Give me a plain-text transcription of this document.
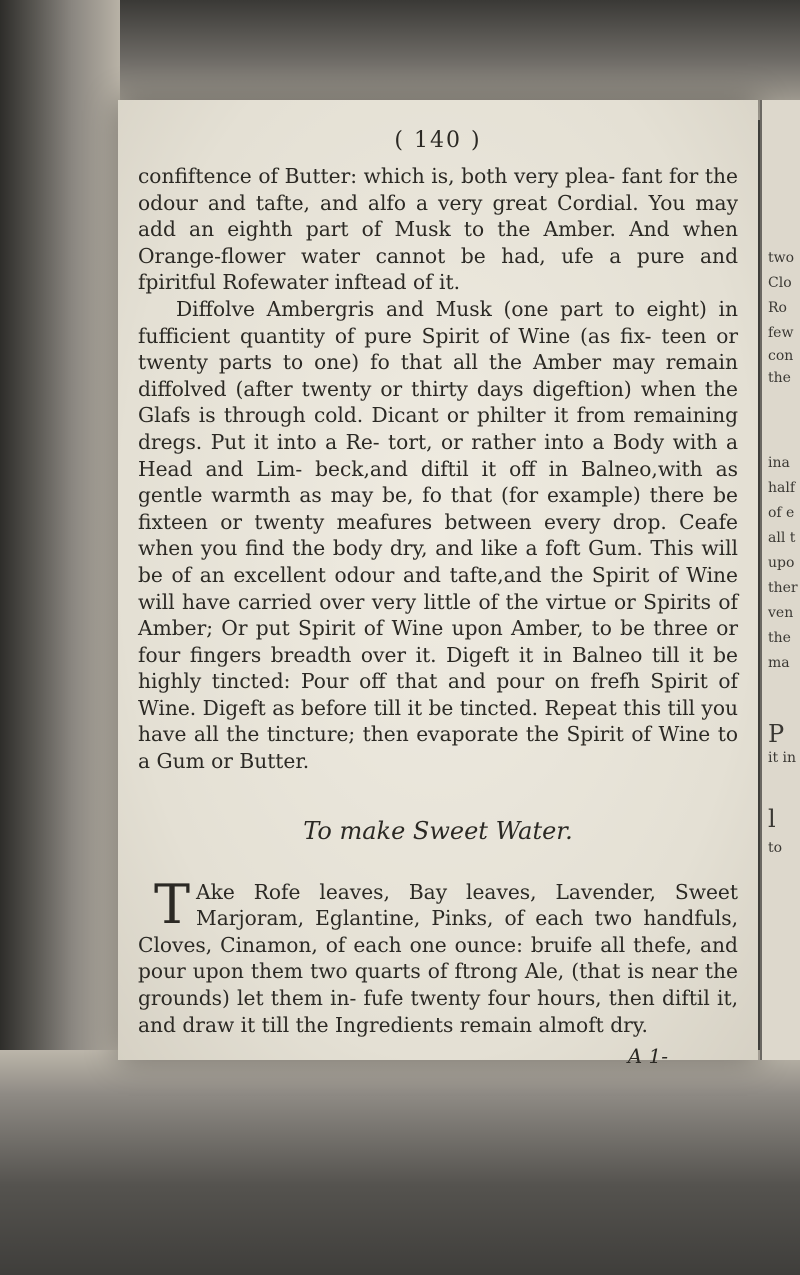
two
Clo
Ro
few
con
the
ina
half
of e
all t
upo
ther
ven
the
ma
P
it in
l
to
( 140 )

confiftence of Butter: which is, both very plea- fant for the odour and tafte, and alfo a very great Cordial. You may add an eighth part of Musk to the Amber. And when Orange-flower water cannot be had, ufe a pure and fpiritful Rofewater inftead of it.

Diffolve Ambergris and Musk (one part to eight) in fufficient quantity of pure Spirit of Wine (as fix- teen or twenty parts to one) fo that all the Amber may remain diffolved (after twenty or thirty days digeftion) when the Glafs is through cold. Dicant or philter it from remaining dregs. Put it into a Re- tort, or rather into a Body with a Head and Lim- beck,and diftil it off in Balneo,with as gentle warmth as may be, fo that (for example) there be fixteen or twenty meafures between every drop. Ceafe when you find the body dry, and like a foft Gum. This will be of an excellent odour and tafte,and the Spirit of Wine will have carried over very little of the virtue or Spirits of Amber; Or put Spirit of Wine upon Amber, to be three or four fingers breadth over it. Digeft it in Balneo till it be highly tincted: Pour off that and pour on frefh Spirit of Wine. Digeft as before till it be tincted. Repeat this till you have all the tincture; then evaporate the Spirit of Wine to a Gum or Butter.

To make Sweet Water.

T Ake Rofe leaves, Bay leaves, Lavender, Sweet Marjoram, Eglantine, Pinks, of each two handfuls, Cloves, Cinamon, of each one ounce: bruife all thefe, and pour upon them two quarts of ftrong Ale, (that is near the grounds) let them in- fufe twenty four hours, then diftil it, and draw it till the Ingredients remain almoft dry.

A 1-
